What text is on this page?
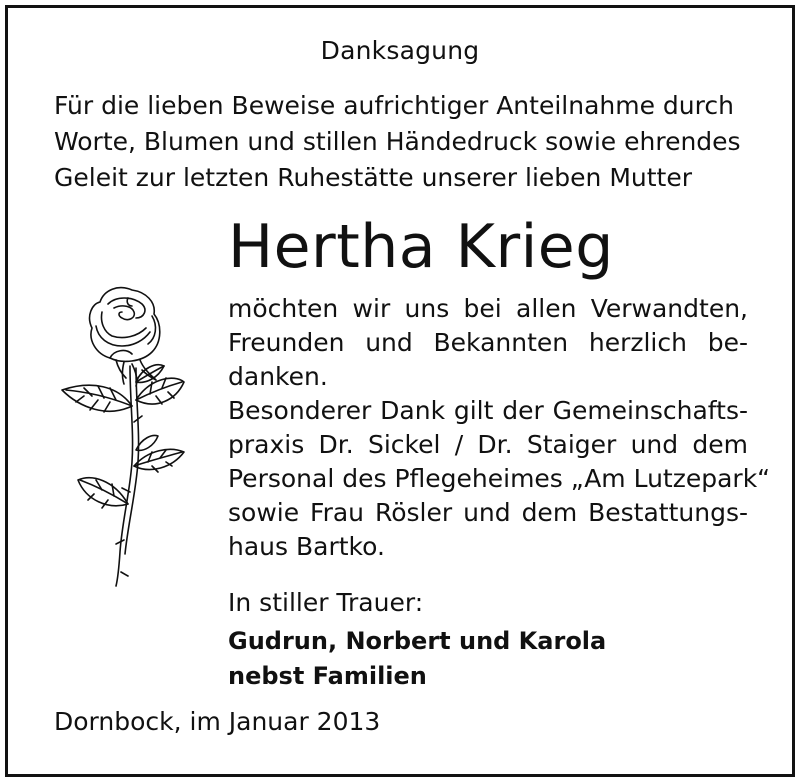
Danksagung
Für die lieben Beweise aufrichtiger Anteilnahme durch
Worte, Blumen und stillen Händedruck sowie ehrendes
Geleit zur letzten Ruhestätte unserer lieben Mutter
Hertha Krieg
möchten wir uns bei allen Verwandten,
Freunden und Bekannten herzlich be-
danken.
Besonderer Dank gilt der Gemeinschafts-
praxis Dr. Sickel / Dr. Staiger und dem
Personal des Pflegeheimes „Am Lutzepark“
sowie Frau Rösler und dem Bestattungs-
haus Bartko.
In stiller Trauer:
Gudrun, Norbert und Karola
nebst Familien
Dornbock, im Januar 2013
